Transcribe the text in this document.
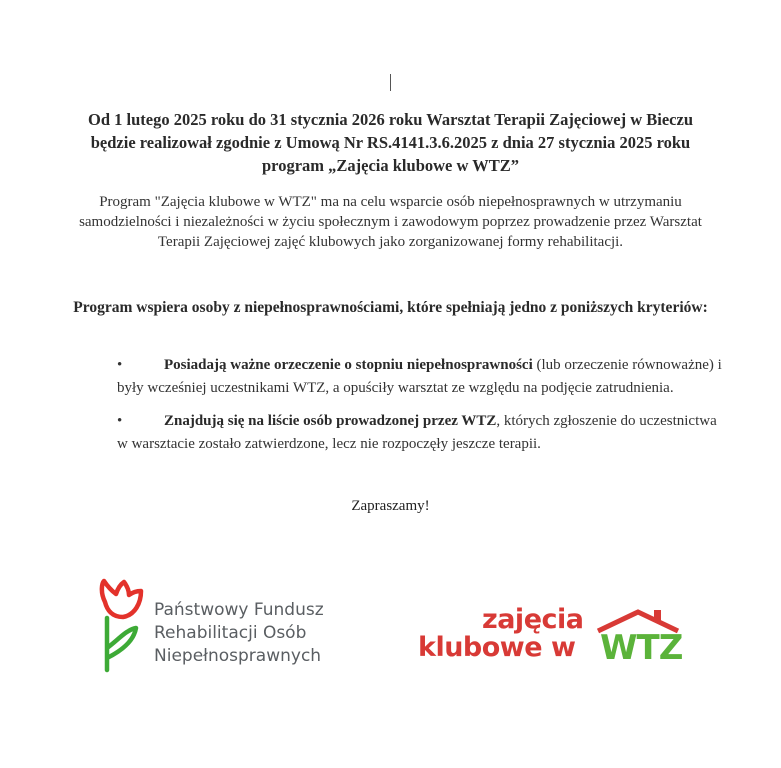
Od 1 lutego 2025 roku do 31 stycznia 2026 roku Warsztat Terapii Zajęciowej w Bieczu będzie realizował zgodnie z Umową Nr RS.4141.3.6.2025 z dnia 27 stycznia 2025 roku program „Zajęcia klubowe w WTZ”
Program "Zajęcia klubowe w WTZ" ma na celu wsparcie osób niepełnosprawnych w utrzymaniu samodzielności i niezależności w życiu społecznym i zawodowym poprzez prowadzenie przez Warsztat Terapii Zajęciowej zajęć klubowych jako zorganizowanej formy rehabilitacji.
Program wspiera osoby z niepełnosprawnościami, które spełniają jedno z poniższych kryteriów:
•	Posiadają ważne orzeczenie o stopniu niepełnosprawności (lub orzeczenie równoważne) i były wcześniej uczestnikami WTZ, a opuściły warsztat ze względu na podjęcie zatrudnienia.
•	Znajdują się na liście osób prowadzonej przez WTZ, których zgłoszenie do uczestnictwa w warsztacie zostało zatwierdzone, lecz nie rozpoczęły jeszcze terapii.
Zapraszamy!
Państwowy Fundusz
Rehabilitacji Osób
Niepełnosprawnych
zajęcia
klubowe w WTZ
